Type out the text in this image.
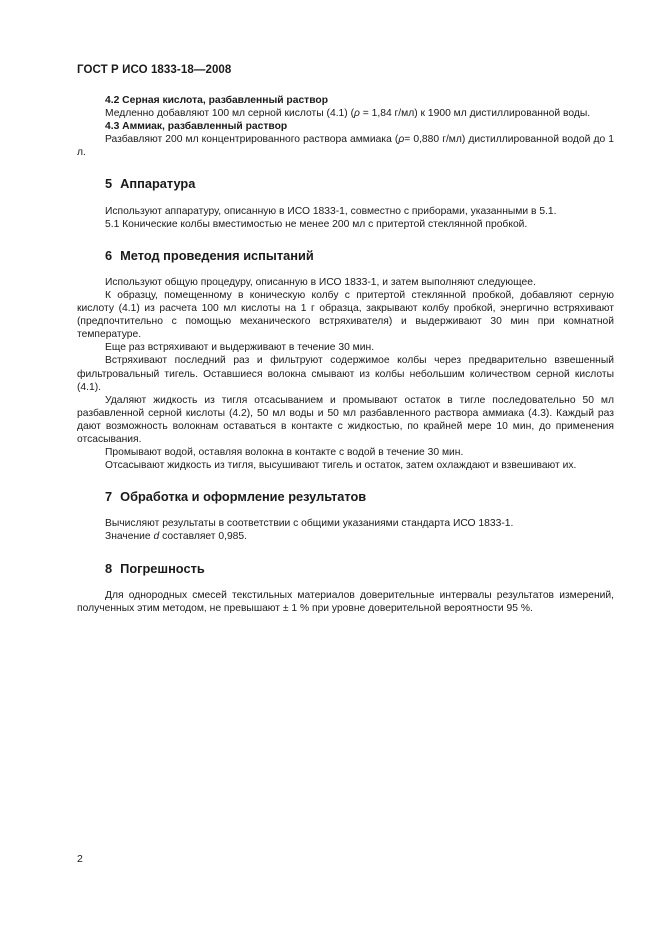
ГОСТ Р ИСО 1833-18—2008
4.2 Серная кислота, разбавленный раствор

Медленно добавляют 100 мл серной кислоты (4.1) (ρ = 1,84 г/мл) к 1900 мл дистиллированной воды.

4.3 Аммиак, разбавленный раствор

Разбавляют 200 мл концентрированного раствора аммиака (ρ= 0,880 г/мл) дистиллированной водой до 1 л.

5 Аппаратура

Используют аппаратуру, описанную в ИСО 1833-1, совместно с приборами, указанными в 5.1.

5.1 Конические колбы вместимостью не менее 200 мл с притертой стеклянной пробкой.

6 Метод проведения испытаний

Используют общую процедуру, описанную в ИСО 1833-1, и затем выполняют следующее.

К образцу, помещенному в коническую колбу с притертой стеклянной пробкой, добавляют серную кислоту (4.1) из расчета 100 мл кислоты на 1 г образца, закрывают колбу пробкой, энергично встряхивают (предпочтительно с помощью механического встряхивателя) и выдерживают 30 мин при комнатной температуре.

Еще раз встряхивают и выдерживают в течение 30 мин.

Встряхивают последний раз и фильтруют содержимое колбы через предварительно взвешенный фильтровальный тигель. Оставшиеся волокна смывают из колбы небольшим количеством серной кислоты (4.1).

Удаляют жидкость из тигля отсасыванием и промывают остаток в тигле последовательно 50 мл разбавленной серной кислоты (4.2), 50 мл воды и 50 мл разбавленного раствора аммиака (4.3). Каждый раз дают возможность волокнам оставаться в контакте с жидкостью, по крайней мере 10 мин, до применения отсасывания.

Промывают водой, оставляя волокна в контакте с водой в течение 30 мин.

Отсасывают жидкость из тигля, высушивают тигель и остаток, затем охлаждают и взвешивают их.

7 Обработка и оформление результатов

Вычисляют результаты в соответствии с общими указаниями стандарта ИСО 1833-1.

Значение d составляет 0,985.

8 Погрешность

Для однородных смесей текстильных материалов доверительные интервалы результатов измерений, полученных этим методом, не превышают ± 1 % при уровне доверительной вероятности 95 %.

2
